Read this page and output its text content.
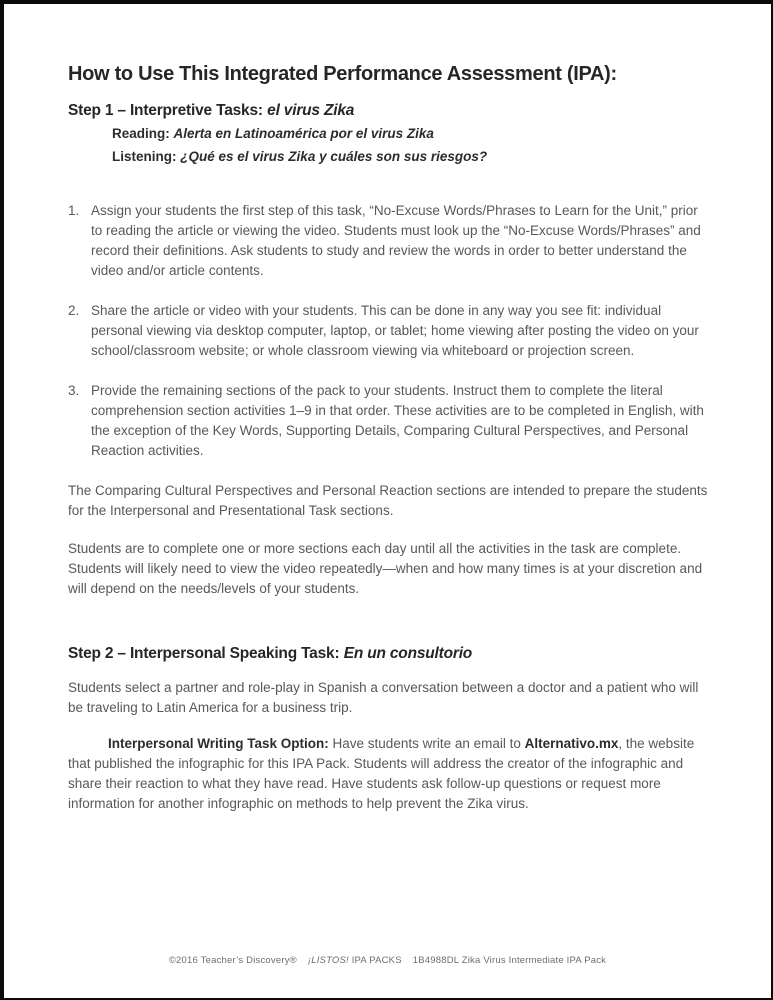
How to Use This Integrated Performance Assessment (IPA):
Step 1 – Interpretive Tasks: el virus Zika
Reading: Alerta en Latinoamérica por el virus Zika
Listening: ¿Qué es el virus Zika y cuáles son sus riesgos?
1. Assign your students the first step of this task, “No-Excuse Words/Phrases to Learn for the Unit,” prior to reading the article or viewing the video. Students must look up the “No-Excuse Words/Phrases” and record their definitions. Ask students to study and review the words in order to better understand the video and/or article contents.
2. Share the article or video with your students. This can be done in any way you see fit: individual personal viewing via desktop computer, laptop, or tablet; home viewing after posting the video on your school/classroom website; or whole classroom viewing via whiteboard or projection screen.
3. Provide the remaining sections of the pack to your students. Instruct them to complete the literal comprehension section activities 1–9 in that order. These activities are to be completed in English, with the exception of the Key Words, Supporting Details, Comparing Cultural Perspectives, and Personal Reaction activities.

The Comparing Cultural Perspectives and Personal Reaction sections are intended to prepare the students for the Interpersonal and Presentational Task sections.

Students are to complete one or more sections each day until all the activities in the task are complete. Students will likely need to view the video repeatedly—when and how many times is at your discretion and will depend on the needs/levels of your students.

Step 2 – Interpersonal Speaking Task: En un consultorio

Students select a partner and role-play in Spanish a conversation between a doctor and a patient who will be traveling to Latin America for a business trip.

Interpersonal Writing Task Option: Have students write an email to Alternativo.mx, the website that published the infographic for this IPA Pack. Students will address the creator of the infographic and share their reaction to what they have read. Have students ask follow-up questions or request more information for another infographic on methods to help prevent the Zika virus.

©2016 Teacher’s Discovery® ¡LISTOS! IPA PACKS 1B4988DL Zika Virus Intermediate IPA Pack
